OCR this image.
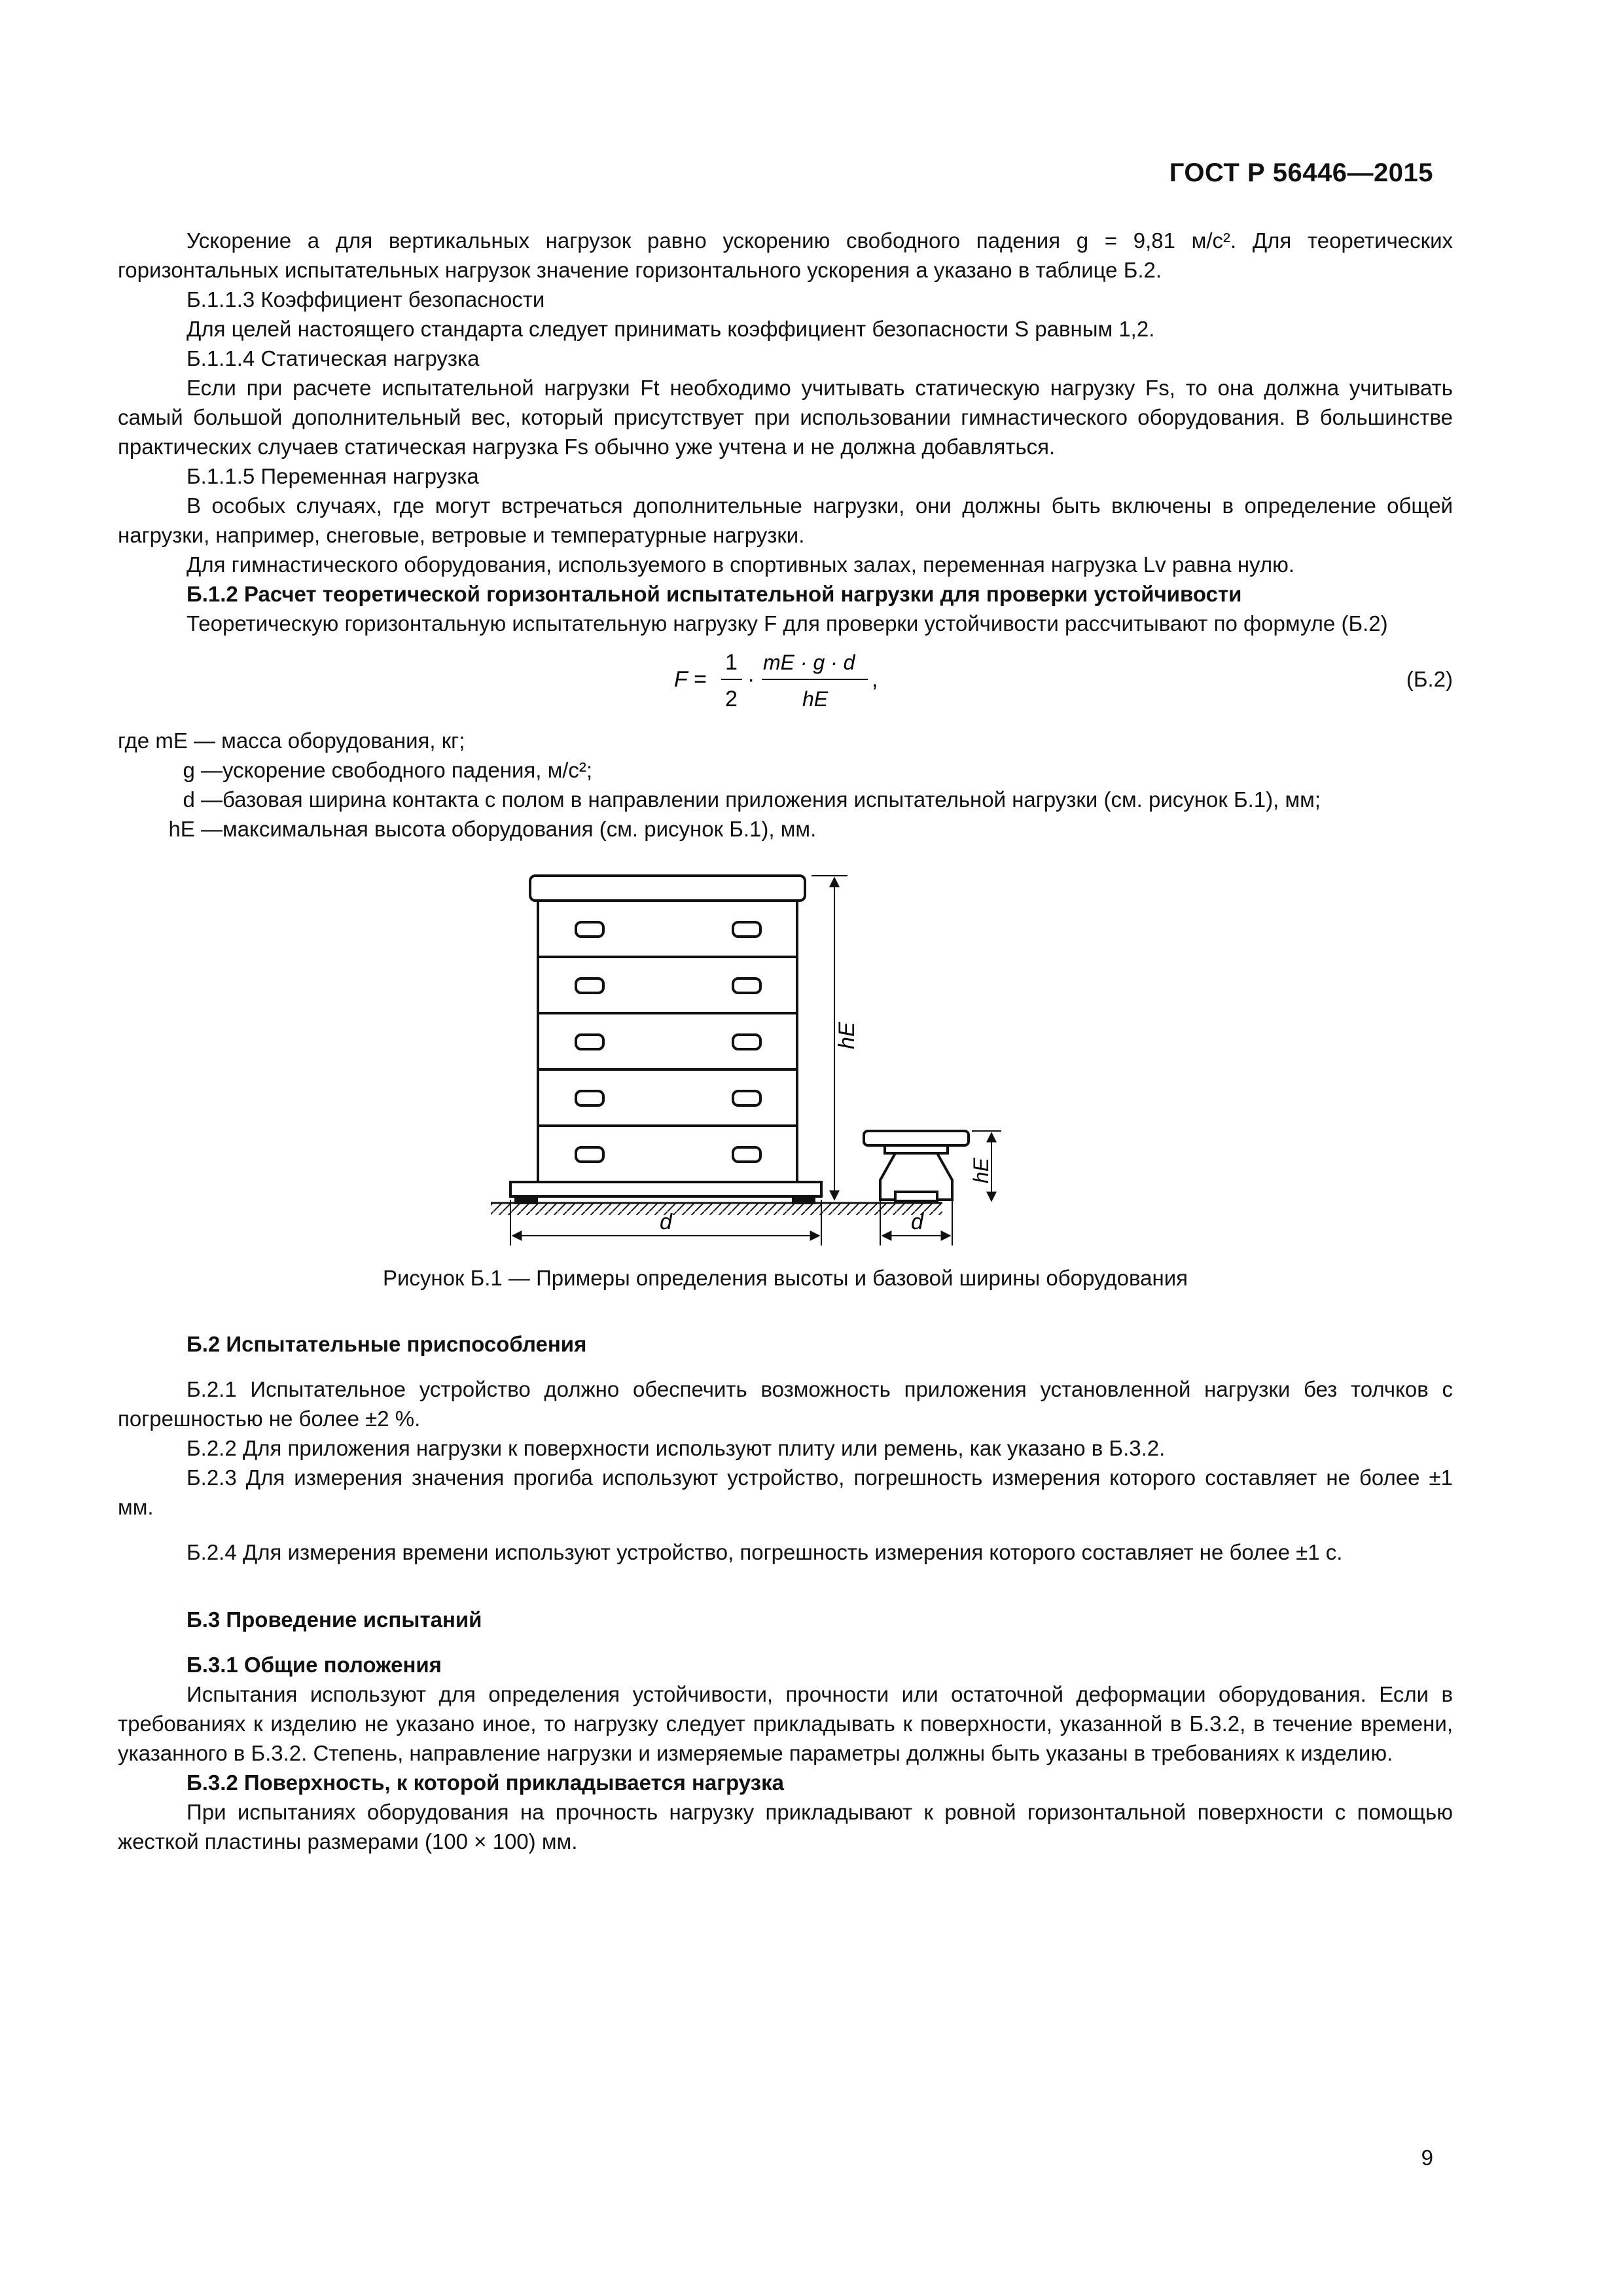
ГОСТ Р 56446—2015

Ускорение a для вертикальных нагрузок равно ускорению свободного падения g = 9,81 м/с². Для теоретических горизонтальных испытательных нагрузок значение горизонтального ускорения a указано в таблице Б.2.

Б.1.1.3 Коэффициент безопасности

Для целей настоящего стандарта следует принимать коэффициент безопасности S равным 1,2.

Б.1.1.4 Статическая нагрузка

Если при расчете испытательной нагрузки Ft необходимо учитывать статическую нагрузку Fs, то она должна учитывать самый большой дополнительный вес, который присутствует при использовании гимнастического оборудования. В большинстве практических случаев статическая нагрузка Fs обычно уже учтена и не должна добавляться.

Б.1.1.5 Переменная нагрузка

В особых случаях, где могут встречаться дополнительные нагрузки, они должны быть включены в определение общей нагрузки, например, снеговые, ветровые и температурные нагрузки.

Для гимнастического оборудования, используемого в спортивных залах, переменная нагрузка Lv равна нулю.

Б.1.2 Расчет теоретической горизонтальной испытательной нагрузки для проверки устойчивости

Теоретическую горизонтальную испытательную нагрузку F для проверки устойчивости рассчитывают по формуле (Б.2)

F =
1
2
·
mE · g · d
hE
,	(Б.2)
где mE — масса оборудования, кг;
g — ускорение свободного падения, м/с²;
d — базовая ширина контакта с полом в направлении приложения испытательной нагрузки (см. рисунок Б.1), мм;
hE — максимальная высота оборудования (см. рисунок Б.1), мм.
hE
d
hE
d
Рисунок Б.1 — Примеры определения высоты и базовой ширины оборудования

Б.2 Испытательные приспособления

Б.2.1 Испытательное устройство должно обеспечить возможность приложения установленной нагрузки без толчков с погрешностью не более ±2 %.

Б.2.2 Для приложения нагрузки к поверхности используют плиту или ремень, как указано в Б.3.2.

Б.2.3 Для измерения значения прогиба используют устройство, погрешность измерения которого составляет не более ±1 мм.

Б.2.4 Для измерения времени используют устройство, погрешность измерения которого составляет не более ±1 с.

Б.3 Проведение испытаний

Б.3.1 Общие положения

Испытания используют для определения устойчивости, прочности или остаточной деформации оборудования. Если в требованиях к изделию не указано иное, то нагрузку следует прикладывать к поверхности, указанной в Б.3.2, в течение времени, указанного в Б.3.2. Степень, направление нагрузки и измеряемые параметры должны быть указаны в требованиях к изделию.

Б.3.2 Поверхность, к которой прикладывается нагрузка

При испытаниях оборудования на прочность нагрузку прикладывают к ровной горизонтальной поверхности с помощью жесткой пластины размерами (100 × 100) мм.

9
